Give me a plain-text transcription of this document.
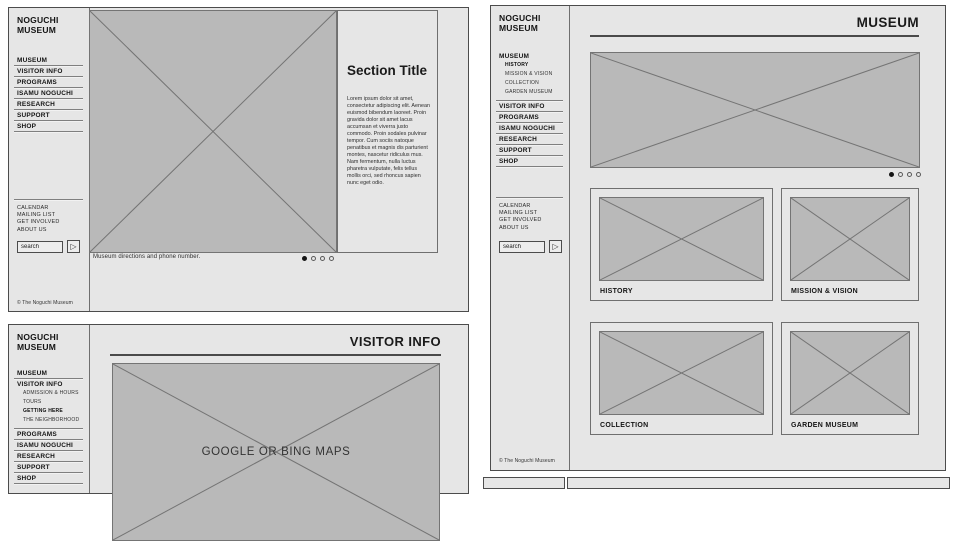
NOGUCHI MUSEUM
MUSEUM
VISITOR INFO
PROGRAMS
ISAMU NOGUCHI
RESEARCH
SUPPORT
SHOP
CALENDAR
MAILING LIST
GET INVOLVED
ABOUT US
search
▷
© The Noguchi Museum
Section Title
Lorem ipsum dolor sit amet, consectetur adipiscing elit. Aenean euismod bibendum laoreet. Proin gravida dolor sit amet lacus accumsan et viverra justo commodo. Proin sodales pulvinar tempor. Cum sociis natoque penatibus et magnis dis parturient montes, nascetur ridiculus mus. Nam fermentum, nulla luctus pharetra vulputate, felis tellus mollis orci, sed rhoncus sapien nunc eget odio.
Museum directions and phone number.
NOGUCHI MUSEUM
MUSEUM
VISITOR INFO
ADMISSION & HOURS
TOURS
GETTING HERE
THE NEIGHBORHOOD
PROGRAMS
ISAMU NOGUCHI
RESEARCH
SUPPORT
SHOP
VISITOR INFO
GOOGLE OR BING MAPS
NOGUCHI MUSEUM
MUSEUM
HISTORY
MISSION & VISION
COLLECTION
GARDEN MUSEUM
VISITOR INFO
PROGRAMS
ISAMU NOGUCHI
RESEARCH
SUPPORT
SHOP
CALENDAR
MAILING LIST
GET INVOLVED
ABOUT US
search
▷
© The Noguchi Museum
MUSEUM
HISTORY	MISSION & VISION
COLLECTION	GARDEN MUSEUM
